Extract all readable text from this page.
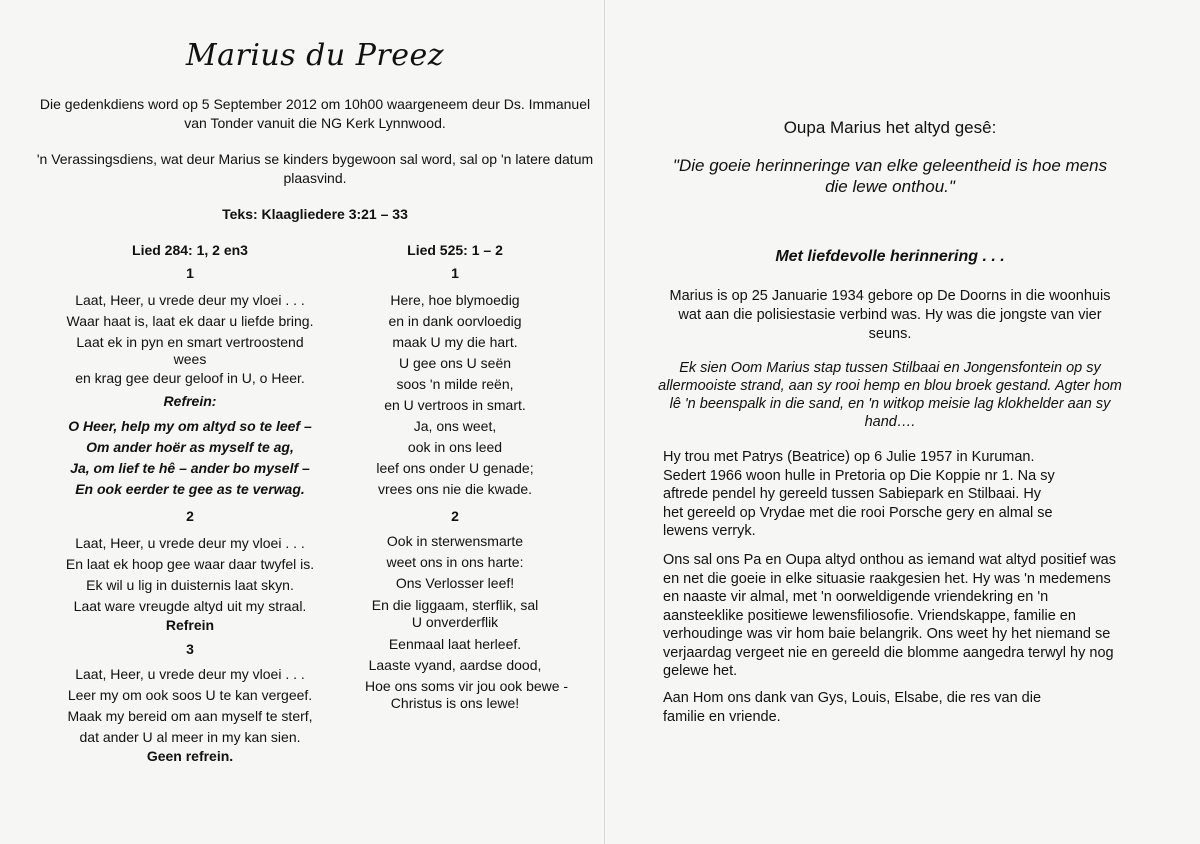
Marius du Preez
Die gedenkdiens word op 5 September 2012 om 10h00 waargeneem deur Ds. Immanuel van Tonder vanuit die NG Kerk Lynnwood.
'n Verassingsdiens, wat deur Marius se kinders bygewoon sal word, sal op 'n latere datum plaasvind.
Teks: Klaagliedere 3:21 – 33
Lied 284: 1, 2 en3
1
Laat, Heer, u vrede deur my vloei . . .
Waar haat is, laat ek daar u liefde bring.
Laat ek in pyn en smart vertroostend wees
en krag gee deur geloof in U, o Heer.
Refrein:
O Heer, help my om altyd so te leef –
Om ander hoër as myself te ag,
Ja, om lief te hê – ander bo myself –
En ook eerder te gee as te verwag.
2
Laat, Heer, u vrede deur my vloei . . .
En laat ek hoop gee waar daar twyfel is.
Ek wil u lig in duisternis laat skyn.
Laat ware vreugde altyd uit my straal.
Refrein
3
Laat, Heer, u vrede deur my vloei . . .
Leer my om ook soos U te kan vergeef.
Maak my bereid om aan myself te sterf,
dat ander U al meer in my kan sien.
Geen refrein.
Lied 525: 1 – 2
1
Here, hoe blymoedig
en in dank oorvloedig
maak U my die hart.
U gee ons U seën
soos 'n milde reën,
en U vertroos in smart.
Ja, ons weet,
ook in ons leed
leef ons onder U genade;
vrees ons nie die kwade.
2
Ook in sterwensmarte
weet ons in ons harte:
Ons Verlosser leef!
En die liggaam, sterflik, sal U onverderflik
Eenmaal laat herleef.
Laaste vyand, aardse dood,
Hoe ons soms vir jou ook bewe -
Christus is ons lewe!
Oupa Marius het altyd gesê:
"Die goeie herinneringe van elke geleentheid is hoe mens die lewe onthou."
Met liefdevolle herinnering . . .
Marius is op 25 Januarie 1934 gebore op De Doorns in die woonhuis wat aan die polisiestasie verbind was. Hy was die jongste van vier seuns.
Ek sien Oom Marius stap tussen Stilbaai en Jongensfontein op sy allermooiste strand, aan sy rooi hemp en blou broek gestand. Agter hom lê 'n beenspalk in die sand, en 'n witkop meisie lag klokhelder aan sy hand….
Hy trou met Patrys (Beatrice) op 6 Julie 1957 in Kuruman. Sedert 1966 woon hulle in Pretoria op Die Koppie nr 1. Na sy aftrede pendel hy gereeld tussen Sabiepark en Stilbaai. Hy het gereeld op Vrydae met die rooi Porsche gery en almal se lewens verryk.
Ons sal ons Pa en Oupa altyd onthou as iemand wat altyd positief was en net die goeie in elke situasie raakgesien het. Hy was 'n medemens en naaste vir almal, met 'n oorweldigende vriendekring en 'n aansteeklike positiewe lewensfiliosofie. Vriendskappe, familie en verhoudinge was vir hom baie belangrik. Ons weet hy het niemand se verjaardag vergeet nie en gereeld die blomme aangedra terwyl hy nog gelewe het.
Aan Hom ons dank van Gys, Louis, Elsabe, die res van die familie en vriende.
